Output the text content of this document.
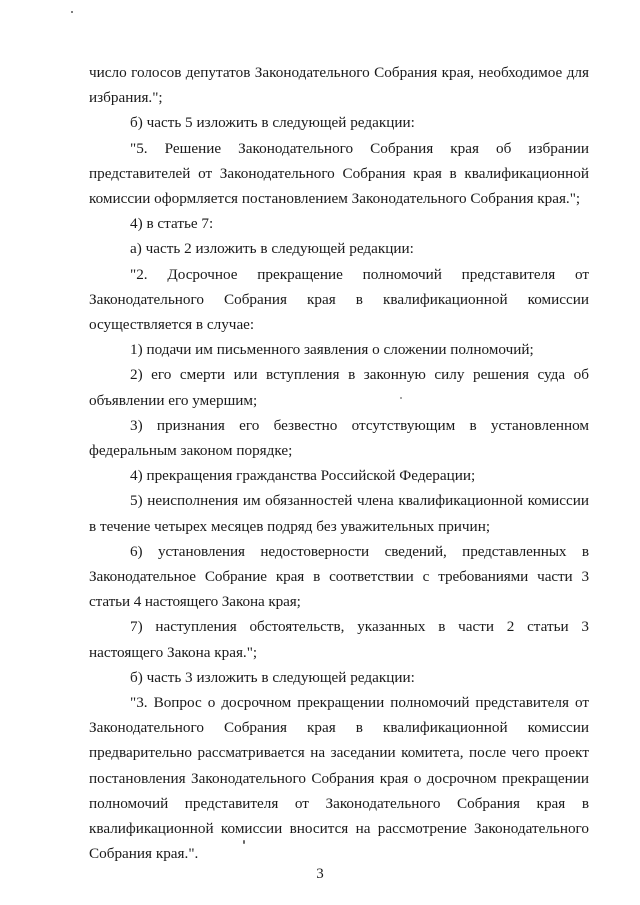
число голосов депутатов Законодательного Собрания края, необходимое для избрания.";

б) часть 5 изложить в следующей редакции:

"5. Решение Законодательного Собрания края об избрании представителей от Законодательного Собрания края в квалификационной комиссии оформляется постановлением Законодательного Собрания края.";

4) в статье 7:

а) часть 2 изложить в следующей редакции:

"2. Досрочное прекращение полномочий представителя от Законодательного Собрания края в квалификационной комиссии осуществляется в случае:

1) подачи им письменного заявления о сложении полномочий;

2) его смерти или вступления в законную силу решения суда об объявлении его умершим;

3) признания его безвестно отсутствующим в установленном федеральным законом порядке;

4) прекращения гражданства Российской Федерации;

5) неисполнения им обязанностей члена квалификационной комиссии в течение четырех месяцев подряд без уважительных причин;

6) установления недостоверности сведений, представленных в Законодательное Собрание края в соответствии с требованиями части 3 статьи 4 настоящего Закона края;

7) наступления обстоятельств, указанных в части 2 статьи 3 настоящего Закона края.";

б) часть 3 изложить в следующей редакции:

"3. Вопрос о досрочном прекращении полномочий представителя от Законодательного Собрания края в квалификационной комиссии предварительно рассматривается на заседании комитета, после чего проект постановления Законодательного Собрания края о досрочном прекращении полномочий представителя от Законодательного Собрания края в квалификационной комиссии вносится на рассмотрение Законодательного Собрания края.".

3
